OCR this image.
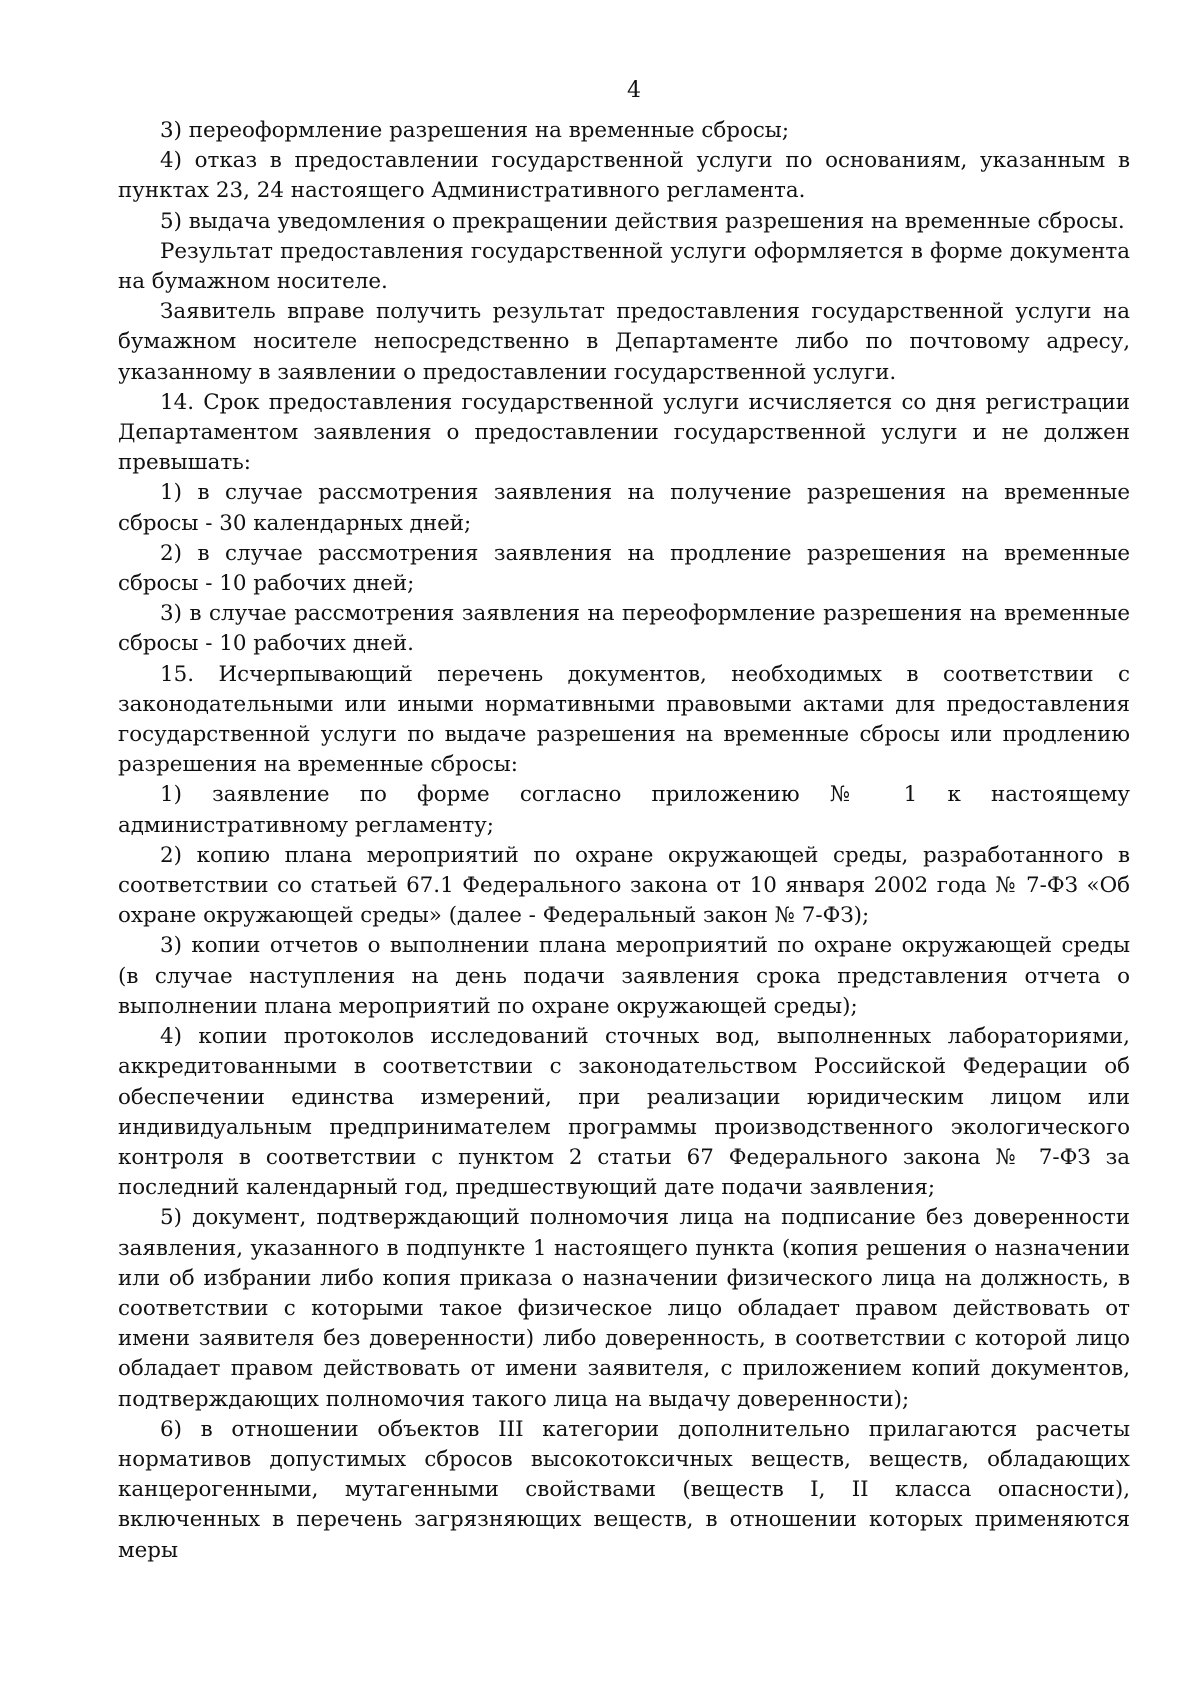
4

3) переоформление разрешения на временные сбросы;

4) отказ в предоставлении государственной услуги по основаниям, указанным в пунктах 23, 24 настоящего Административного регламента.

5) выдача уведомления о прекращении действия разрешения на временные сбросы.

Результат предоставления государственной услуги оформляется в форме документа на бумажном носителе.

Заявитель вправе получить результат предоставления государственной услуги на бумажном носителе непосредственно в Департаменте либо по почтовому адресу, указанному в заявлении о предоставлении государственной услуги.

14. Срок предоставления государственной услуги исчисляется со дня регистрации Департаментом заявления о предоставлении государственной услуги и не должен превышать:

1) в случае рассмотрения заявления на получение разрешения на временные сбросы - 30 календарных дней;

2) в случае рассмотрения заявления на продление разрешения на временные сбросы - 10 рабочих дней;

3) в случае рассмотрения заявления на переоформление разрешения на временные сбросы - 10 рабочих дней.

15. Исчерпывающий перечень документов, необходимых в соответствии с законодательными или иными нормативными правовыми актами для предоставления государственной услуги по выдаче разрешения на временные сбросы или продлению разрешения на временные сбросы:

1) заявление по форме согласно приложению № 1 к настоящему административному регламенту;

2) копию плана мероприятий по охране окружающей среды, разработанного в соответствии со статьей 67.1 Федерального закона от 10 января 2002 года № 7-ФЗ «Об охране окружающей среды» (далее - Федеральный закон № 7-ФЗ);

3) копии отчетов о выполнении плана мероприятий по охране окружающей среды (в случае наступления на день подачи заявления срока представления отчета о выполнении плана мероприятий по охране окружающей среды);

4) копии протоколов исследований сточных вод, выполненных лабораториями, аккредитованными в соответствии с законодательством Российской Федерации об обеспечении единства измерений, при реализации юридическим лицом или индивидуальным предпринимателем программы производственного экологического контроля в соответствии с пунктом 2 статьи 67 Федерального закона № 7-ФЗ за последний календарный год, предшествующий дате подачи заявления;

5) документ, подтверждающий полномочия лица на подписание без доверенности заявления, указанного в подпункте 1 настоящего пункта (копия решения о назначении или об избрании либо копия приказа о назначении физического лица на должность, в соответствии с которыми такое физическое лицо обладает правом действовать от имени заявителя без доверенности) либо доверенность, в соответствии с которой лицо обладает правом действовать от имени заявителя, с приложением копий документов, подтверждающих полномочия такого лица на выдачу доверенности);

6) в отношении объектов III категории дополнительно прилагаются расчеты нормативов допустимых сбросов высокотоксичных веществ, веществ, обладающих канцерогенными, мутагенными свойствами (веществ I, II класса опасности), включенных в перечень загрязняющих веществ, в отношении которых применяются меры
